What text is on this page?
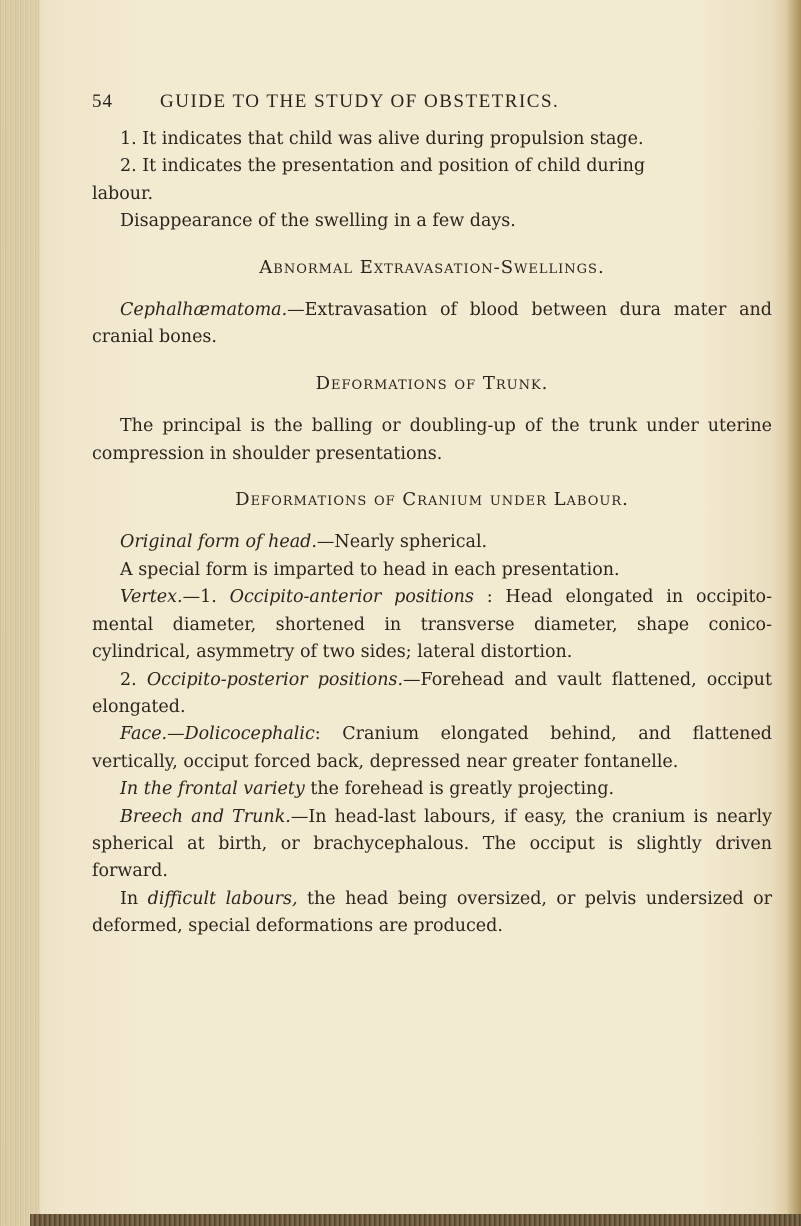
54 GUIDE TO THE STUDY OF OBSTETRICS.

1. It indicates that child was alive during propulsion stage.

2. It indicates the presentation and position of child during
labour.

Disappearance of the swelling in a few days.

Abnormal Extravasation-Swellings.

Cephalhæmatoma.—Extravasation of blood between dura mater and cranial bones.

Deformations of Trunk.

The principal is the balling or doubling-up of the trunk under uterine compression in shoulder presentations.

Deformations of Cranium under Labour.

Original form of head.—Nearly spherical.

A special form is imparted to head in each presentation.

Vertex.—1. Occipito-anterior positions : Head elongated in occipito-mental diameter, shortened in transverse diameter, shape conico-cylindrical, asymmetry of two sides; lateral distortion.

2. Occipito-posterior positions.—Forehead and vault flattened, occiput elongated.

Face.—Dolicocephalic: Cranium elongated behind, and flattened vertically, occiput forced back, depressed near greater fontanelle.

In the frontal variety the forehead is greatly projecting.

Breech and Trunk.—In head-last labours, if easy, the cranium is nearly spherical at birth, or brachycephalous. The occiput is slightly driven forward.

In difficult labours, the head being oversized, or pelvis undersized or deformed, special deformations are produced.
